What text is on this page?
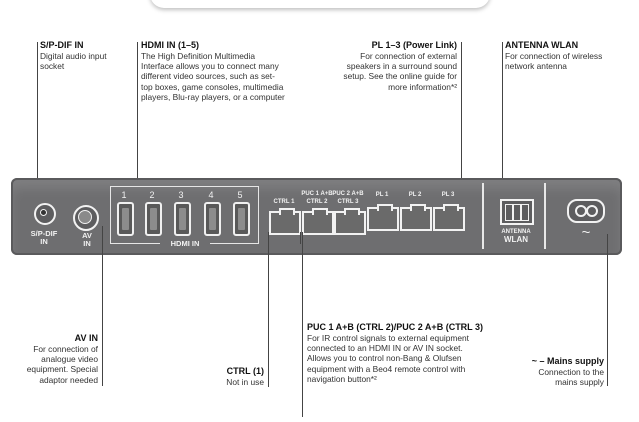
S/P-DIF IN
Digital audio input
socket
HDMI IN (1–5)
The High Definition Multimedia
Interface allows you to connect many
different video sources, such as set-
top boxes, game consoles, multimedia
players, Blu-ray players, or a computer
PL 1–3 (Power Link)
For connection of external
speakers in a surround sound
setup. See the online guide for
more information*²
ANTENNA WLAN
For connection of wireless
network antenna
S/P-DIF
IN
AV
IN
1	2	3	4	5
HDMI IN
CTRL 1
PUC 1 A+B
CTRL 2
PUC 2 A+B
CTRL 3
PL 1	PL 2	PL 3
ANTENNA
WLAN	~
AV IN
For connection of
analogue video
equipment. Special
adaptor needed
CTRL (1)
Not in use
PUC 1 A+B (CTRL 2)/PUC 2 A+B (CTRL 3)
For IR control signals to external equipment
connected to an HDMI IN or AV IN socket.
Allows you to control non-Bang & Olufsen
equipment with a Beo4 remote control with
navigation button*²
~ – Mains supply
Connection to the
mains supply
